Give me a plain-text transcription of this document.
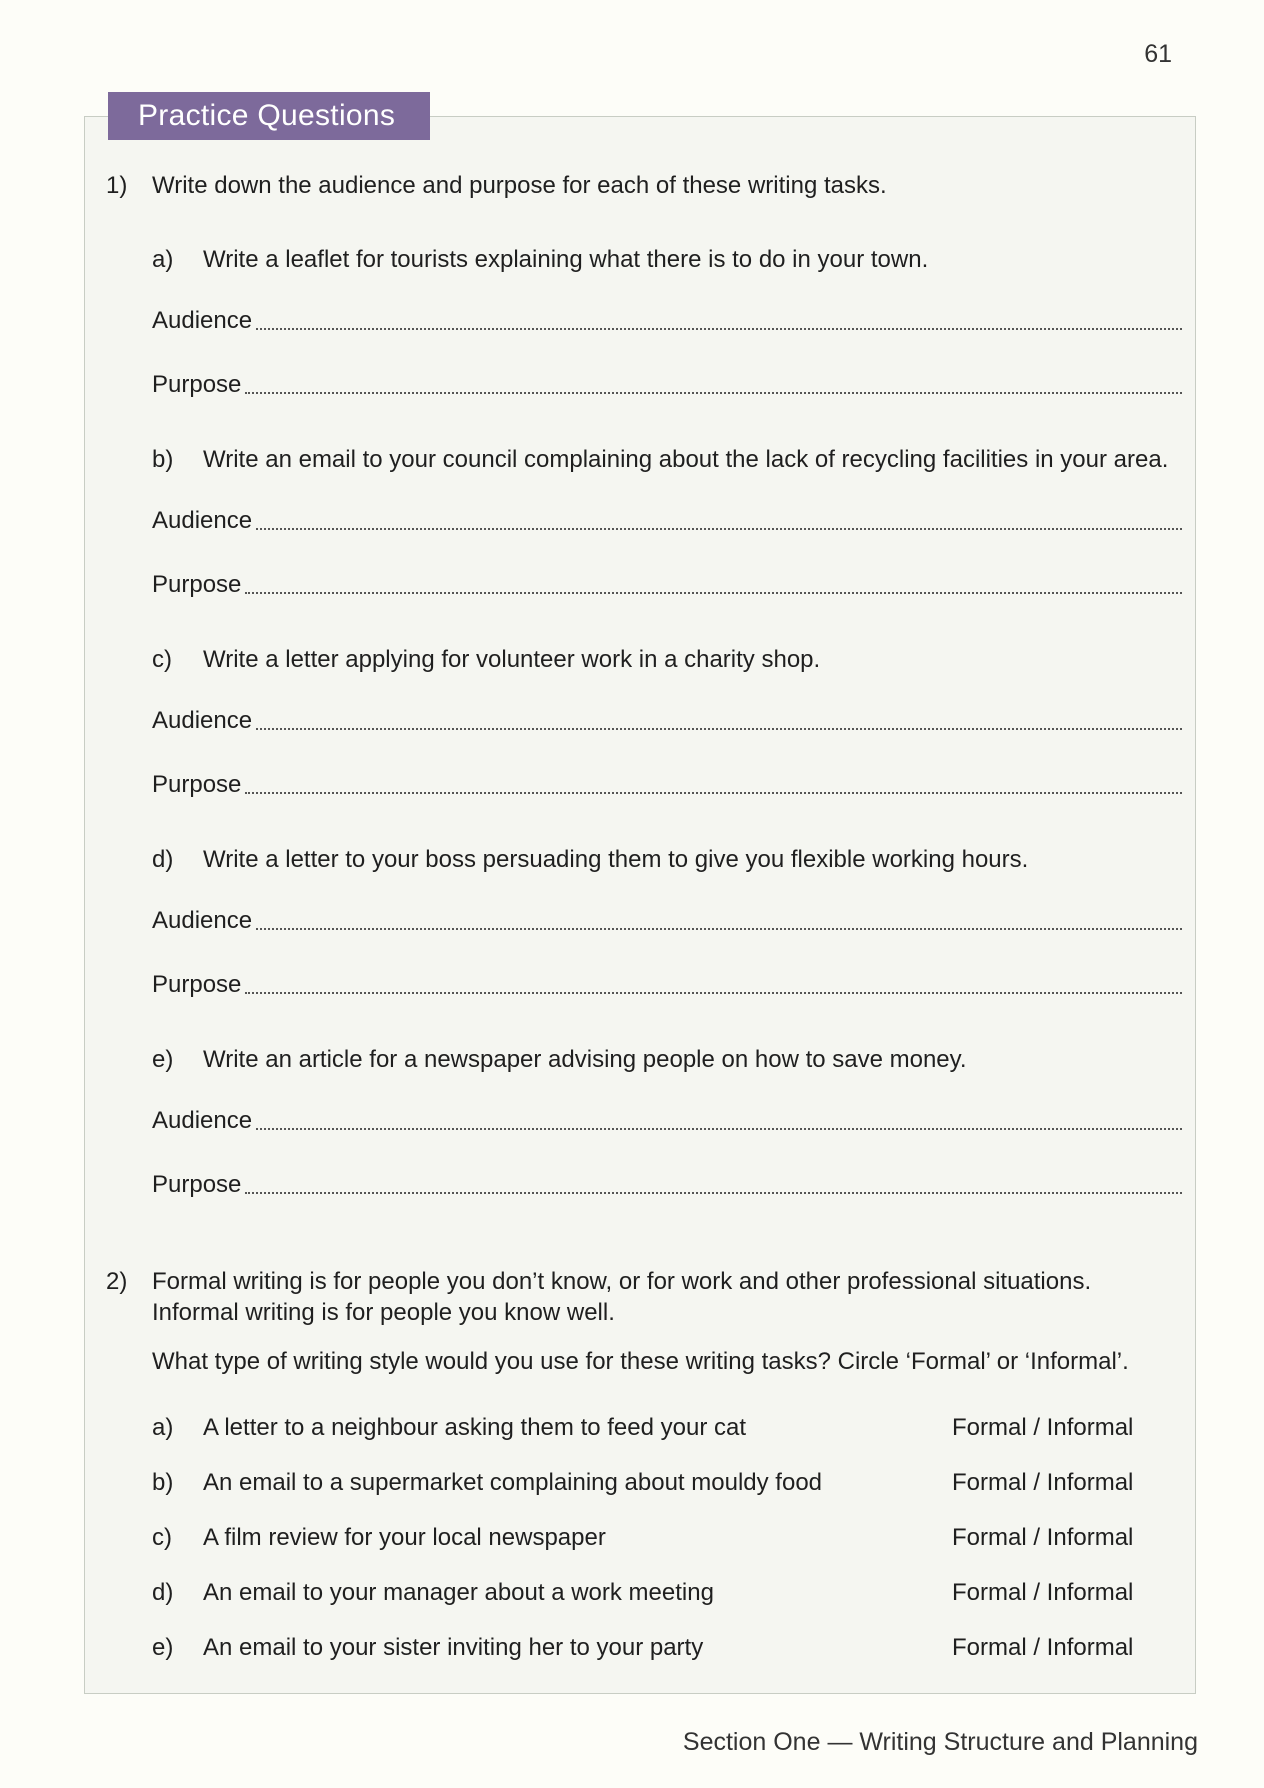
61
Practice Questions
1) Write down the audience and purpose for each of these writing tasks.
a) Write a leaflet for tourists explaining what there is to do in your town.
Audience
Purpose
b) Write an email to your council complaining about the lack of recycling facilities in your area.
Audience
Purpose
c) Write a letter applying for volunteer work in a charity shop.
Audience
Purpose
d) Write a letter to your boss persuading them to give you flexible working hours.
Audience
Purpose
e) Write an article for a newspaper advising people on how to save money.
Audience
Purpose
2) Formal writing is for people you don’t know, or for work and other professional situations.
Informal writing is for people you know well.
What type of writing style would you use for these writing tasks? Circle ‘Formal’ or ‘Informal’.
a) A letter to a neighbour asking them to feed your cat	Formal / Informal
b) An email to a supermarket complaining about mouldy food	Formal / Informal
c) A film review for your local newspaper	Formal / Informal
d) An email to your manager about a work meeting	Formal / Informal
e) An email to your sister inviting her to your party	Formal / Informal
Section One — Writing Structure and Planning
